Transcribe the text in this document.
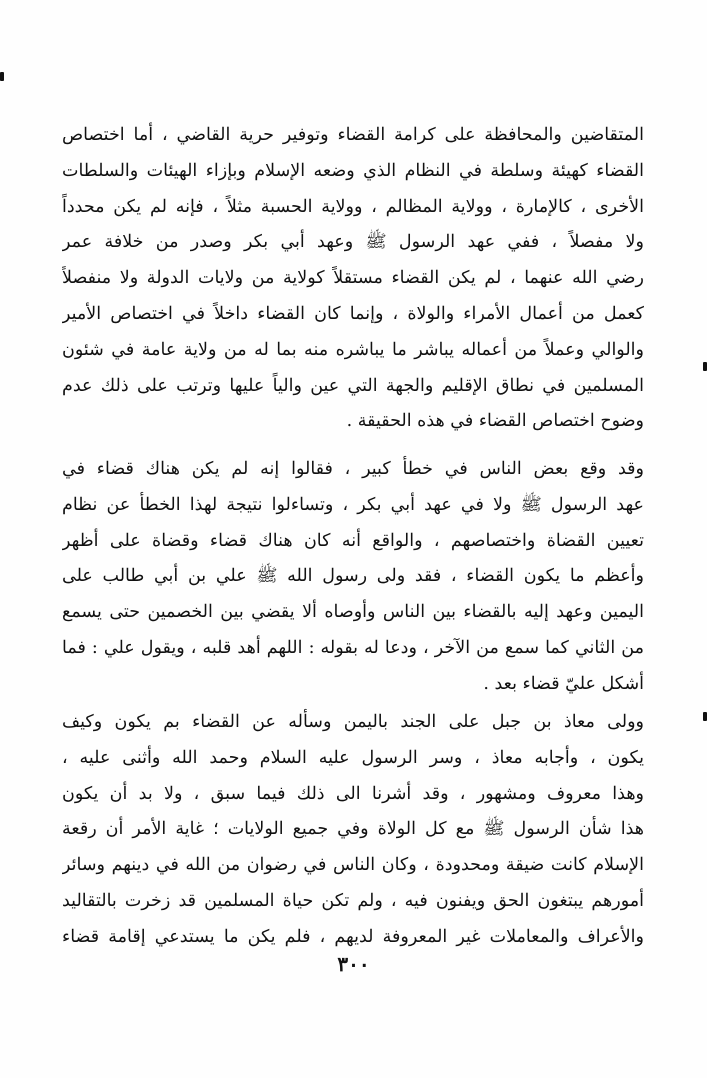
المتقاضين والمحافظة على كرامة القضاء وتوفير حرية القاضي ، أما اختصاص
القضاء كهيئة وسلطة في النظام الذي وضعه الإسلام وبإزاء الهيئات والسلطات
الأخرى ، كالإمارة ، وولاية المظالم ، وولاية الحسبة مثلاً ، فإنه لم يكن محدداً
ولا مفصلاً ، ففي عهد الرسول ﷺ وعهد أبي بكر وصدر من خلافة عمر
رضي الله عنهما ، لم يكن القضاء مستقلاً كولاية من ولايات الدولة ولا منفصلاً
كعمل من أعمال الأمراء والولاة ، وإنما كان القضاء داخلاً في اختصاص الأمير
والوالي وعملاً من أعماله يباشر ما يباشره منه بما له من ولاية عامة في شئون
المسلمين في نطاق الإقليم والجهة التي عين والياً عليها وترتب على ذلك عدم
وضوح اختصاص القضاء في هذه الحقيقة .
وقد وقع بعض الناس في خطأ كبير ، فقالوا إنه لم يكن هناك قضاء في
عهد الرسول ﷺ ولا في عهد أبي بكر ، وتساءلوا نتيجة لهذا الخطأ عن نظام
تعيين القضاة واختصاصهم ، والواقع أنه كان هناك قضاء وقضاة على أظهر
وأعظم ما يكون القضاء ، فقد ولى رسول الله ﷺ علي بن أبي طالب على
اليمين وعهد إليه بالقضاء بين الناس وأوصاه ألا يقضي بين الخصمين حتى يسمع
من الثاني كما سمع من الآخر ، ودعا له بقوله : اللهم أهد قلبه ، ويقول علي : فما
أشكل عليّ قضاء بعد .
وولى معاذ بن جبل على الجند باليمن وسأله عن القضاء بم يكون وكيف
يكون ، وأجابه معاذ ، وسر الرسول عليه السلام وحمد الله وأثنى عليه ،
وهذا معروف ومشهور ، وقد أشرنا الى ذلك فيما سبق ، ولا بد أن يكون
هذا شأن الرسول ﷺ مع كل الولاة وفي جميع الولايات ؛ غاية الأمر أن رقعة
الإسلام كانت ضيقة ومحدودة ، وكان الناس في رضوان من الله في دينهم وسائر
أمورهم يبتغون الحق ويفنون فيه ، ولم تكن حياة المسلمين قد زخرت بالتقاليد
والأعراف والمعاملات غير المعروفة لديهم ، فلم يكن ما يستدعي إقامة قضاء
٣٠٠
